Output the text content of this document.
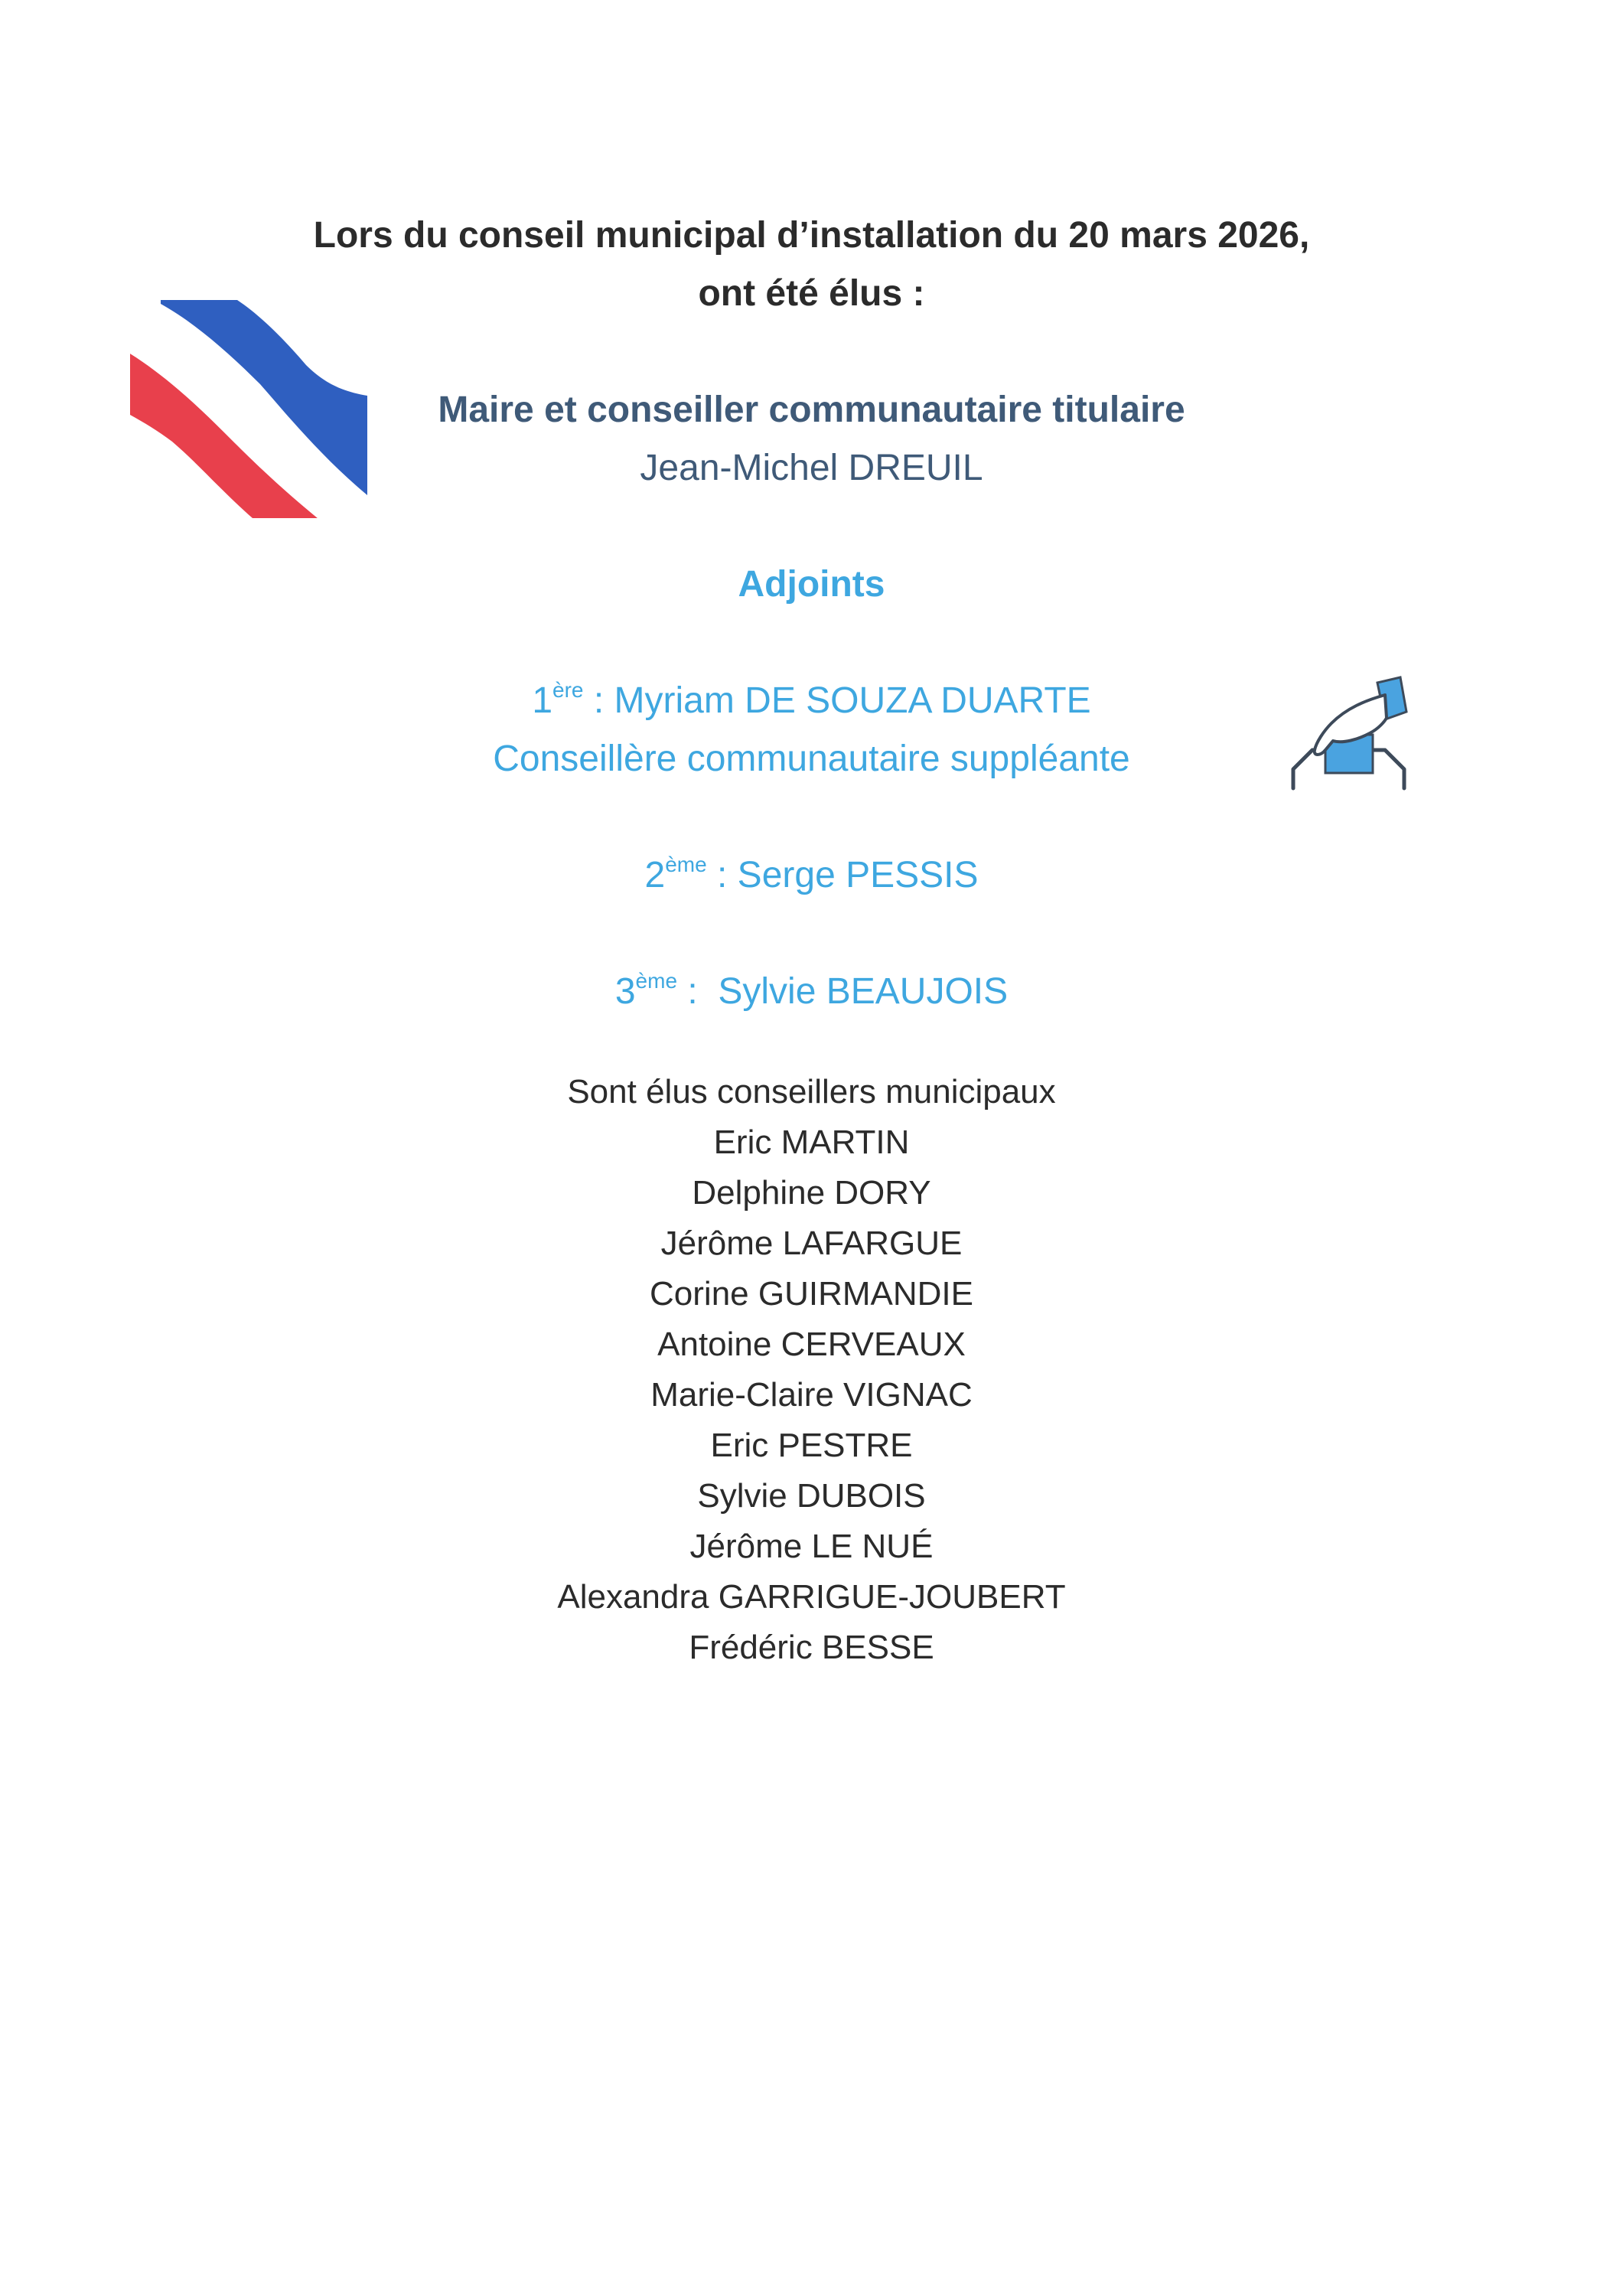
Lors du conseil municipal d’installation du 20 mars 2026,
ont été élus :
Maire et conseiller communautaire titulaire
Jean-Michel DREUIL
Adjoints
1ère : Myriam DE SOUZA DUARTE
Conseillère communautaire suppléante
2ème : Serge PESSIS
3ème :  Sylvie BEAUJOIS
Sont élus conseillers municipaux
Eric MARTIN
Delphine DORY
Jérôme LAFARGUE
Corine GUIRMANDIE
Antoine CERVEAUX
Marie-Claire VIGNAC
Eric PESTRE
Sylvie DUBOIS
Jérôme LE NUÉ
Alexandra GARRIGUE-JOUBERT
Frédéric BESSE
